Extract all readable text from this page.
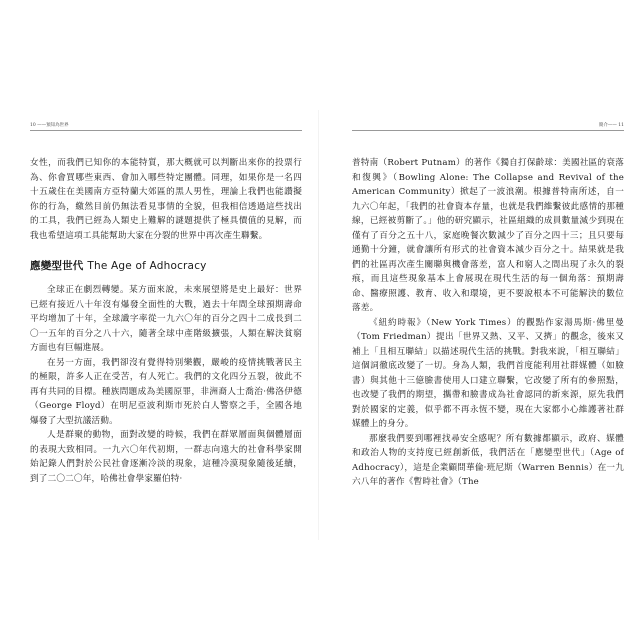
10 ——預知為世界

女性，而我們已知你的本能特質，那大概就可以判斷出來你的投票行為、你會買哪些東西、會加入哪些特定團體。同理，如果你是一名四十五歲住在美國南方亞特蘭大郊區的黑人男性，理論上我們也能讚擬你的行為，繳然目前仍無法看見事情的全貌，但我相信透過這些找出的工具，我們已經為人類史上難解的謎題提供了極具價值的見解，而我也希望這項工具能幫助大家在分裂的世界中再次產生聯繫。

應變型世代 The Age of Adhocracy

全球正在劇烈轉變。某方面來說，未來展望將是史上最好：世界已經有接近八十年沒有爆發全面性的大戰，過去十年間全球預期壽命平均增加了十年，全球識字率從一九六〇年的百分之四十二成長到二〇一五年的百分之八十六，隨著全球中產階級擴張，人類在解決貧窮方面也有巨幅進展。

在另一方面，我們卻沒有覺得特別樂觀，嚴峻的疫情挑戰著民主的極限，許多人正在受苦，有人死亡。我們的文化四分五裂，彼此不再有共同的目標。種族問題成為美國原罪，非洲裔人士喬治·佛洛伊德（George Floyd）在明尼亞波利斯市死於白人警察之手，全國各地爆發了大型抗議活動。

人是群聚的動物，面對改變的時候，我們在群眾層面與個體層面的表現大致相同。一九六〇年代初期，一群志向遠大的社會科學家開始記錄人們對於公民社會逐漸冷淡的現象，這種冷漠現象隨後延續，到了二〇二〇年，哈佛社會學家羅伯特·

簡介—— 11

普特南（Robert Putnam）的著作《獨自打保齡球：美國社區的衰落和復興》（Bowling Alone: The Collapse and Revival of the American Community）掀起了一波浪潮。根據普特南所述，自一九六〇年起，「我們的社會資本存量，也就是我們維繫彼此感情的那種線，已經被剪斷了。」他的研究顯示，社區組織的成員數量減少到現在僅有了百分之五十八，家庭晚餐次數減少了百分之四十三；且只要每通勤十分鐘，就會讓所有形式的社會資本減少百分之十。結果就是我們的社區再次產生關聯與機會落差，富人和窮人之間出現了永久的裂痕，而且這些現象基本上會展現在現代生活的每一個角落：預期壽命、醫療照護、教育、收入和環境，更不要說根本不可能解決的數位落差。

《紐約時報》（New York Times）的觀點作家湯馬斯·佛里曼（Tom Friedman）提出「世界又熱、又平、又擠」的觀念，後來又補上「且相互聯結」以描述現代生活的挑戰。對我來說，「相互聯結」這個詞徹底改變了一切。身為人類，我們首度能利用社群媒體（如臉書）與其他十三億臉書使用人口建立聯繫，它改變了所有的參照點，也改變了我們的期望，攜帶和臉書成為社會認同的新來源，原先我們對於國家的定義，似乎都不再永恆不變，現在大家都小心維護著社群媒體上的身分。

那麼我們要到哪裡找尋安全感呢？所有數據都顯示，政府、媒體和政治人物的支持度已經創新低，我們活在「應變型世代」（Age of Adhocracy），這是企業顧問華倫·班尼斯（Warren Bennis）在一九六八年的著作《暫時社會》（The
